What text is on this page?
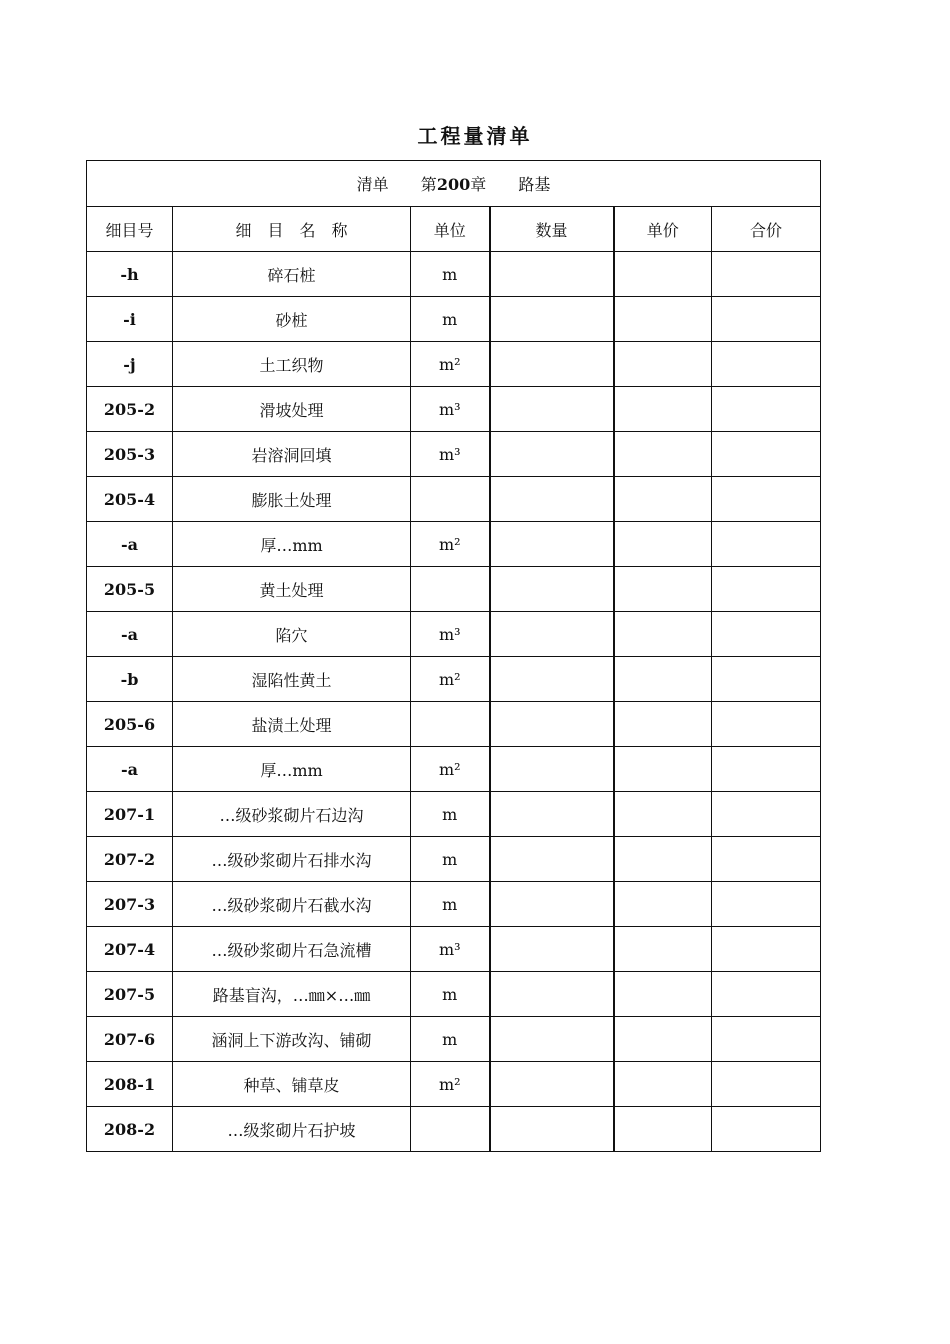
工程量清单
清单 第200章 路基					
细目号	细　目　名　称	单位	数量	单价	合价
-h	碎石桩	m			
-i	砂桩	m			
-j	土工织物	m²			
205-2	滑坡处理	m³			
205-3	岩溶洞回填	m³			
205-4	膨胀土处理				
-a	厚…mm	m²			
205-5	黄土处理				
-a	陷穴	m³			
-b	湿陷性黄土	m²			
205-6	盐渍土处理				
-a	厚…mm	m²			
207-1	…级砂浆砌片石边沟	m			
207-2	…级砂浆砌片石排水沟	m			
207-3	…级砂浆砌片石截水沟	m			
207-4	…级砂浆砌片石急流槽	m³			
207-5	路基盲沟，…㎜×…㎜	m			
207-6	涵洞上下游改沟、铺砌	m			
208-1	种草、铺草皮	m²			
208-2	…级浆砌片石护坡				
